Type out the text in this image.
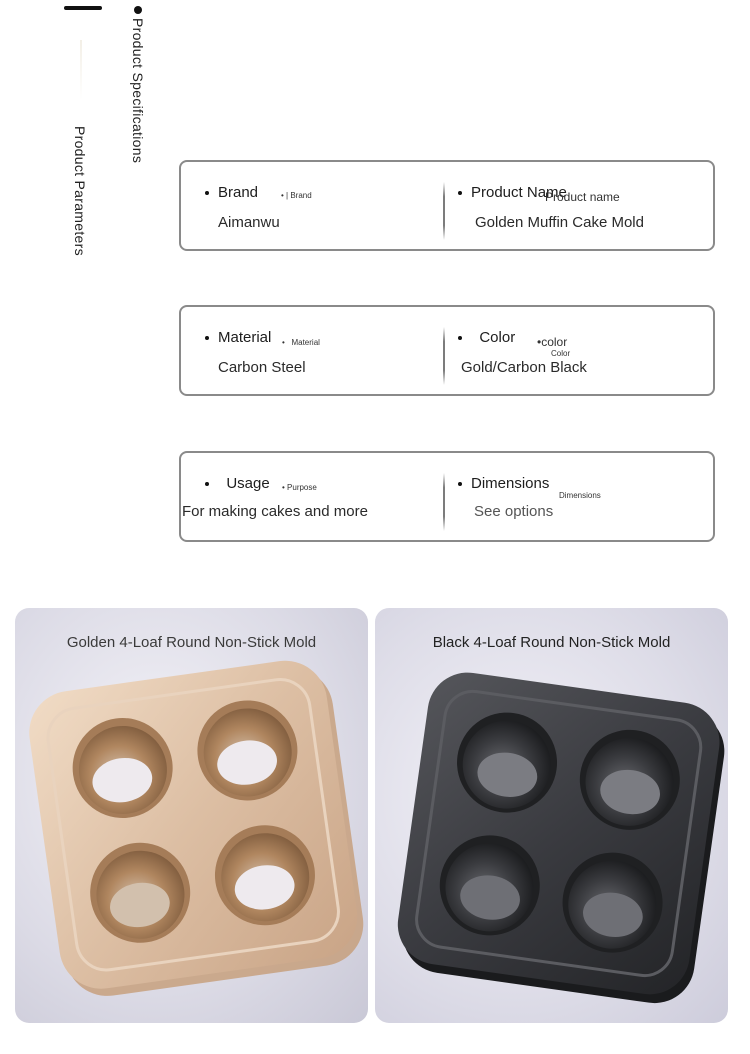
Product Specifications
Product Parameters	Brand	• | Brand
Aimanwu
Product Name
Product name
Golden Muffin Cake Mold
Material •   Material
Carbon Steel
Color •color
Color
Gold/Carbon Black
Usage • Purpose
For making cakes and more
Dimensions
Dimensions
See options
Golden 4-Loaf Round Non-Stick Mold	Black 4-Loaf Round Non-Stick Mold
